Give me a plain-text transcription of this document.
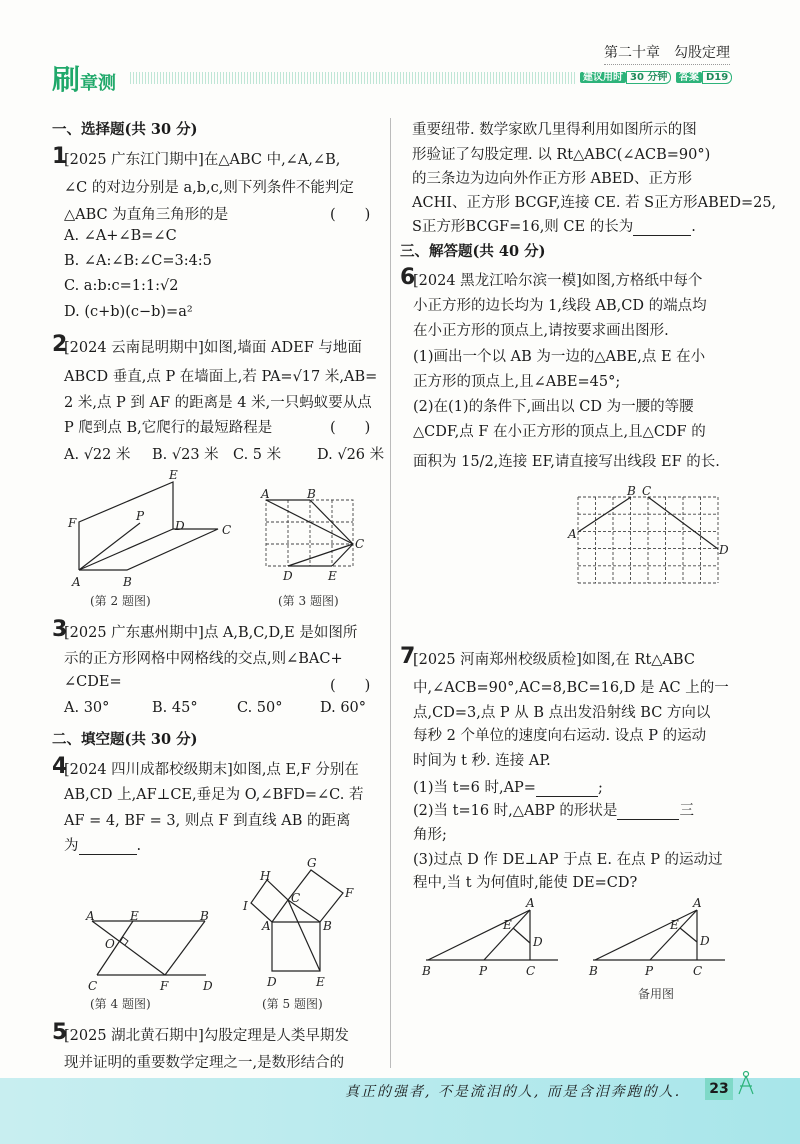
第二十章　勾股定理
刷章测	建议用时 30 分钟	答案 D19
一、选择题(共 30 分)
1
[2025 广东江门期中]在△ABC 中,∠A,∠B,
∠C 的对边分别是 a,b,c,则下列条件不能判定
△ABC 为直角三角形的是	(　　)
A. ∠A+∠B=∠C
B. ∠A:∠B:∠C=3:4:5
C. a:b:c=1:1:√2
D. (c+b)(c−b)=a²
2
[2024 云南昆明期中]如图,墙面 ADEF 与地面
ABCD 垂直,点 P 在墙面上,若 PA=√17 米,AB=
2 米,点 P 到 AF 的距离是 4 米,一只蚂蚁要从点
P 爬到点 B,它爬行的最短路程是	(　　)
A. √22 米 B. √23 米 C. 5 米 D. √26 米
E
F	P
D	C
A	B
A	B
C
D	E
A	E	B
O
C	F	D
G
H
I
C	F
A	B
D	E
A
B C
D
A
E
D
B	P	C
A
E
D
B	P	C
(第 2 题图)	(第 3 题图)
3
[2025 广东惠州期中]点 A,B,C,D,E 是如图所
示的正方形网格中网格线的交点,则∠BAC+
∠CDE=	(　　)
A. 30°	B. 45°	C. 50°	D. 60°
二、填空题(共 30 分)
4
[2024 四川成都校级期末]如图,点 E,F 分别在
AB,CD 上,AF⊥CE,垂足为 O,∠BFD=∠C. 若
AF = 4, BF = 3, 则点 F 到直线 AB 的距离
为	.
(第 4 题图)	(第 5 题图)
5
[2025 湖北黄石期中]勾股定理是人类早期发
现并证明的重要数学定理之一,是数形结合的
重要纽带. 数学家欧几里得利用如图所示的图
形验证了勾股定理. 以 Rt△ABC(∠ACB=90°)
的三条边为边向外作正方形 ABED、正方形
ACHI、正方形 BCGF,连接 CE. 若 S正方形ABED=25,
S正方形BCGF=16,则 CE 的长为	.
三、解答题(共 40 分)
6
[2024 黑龙江哈尔滨一模]如图,方格纸中每个
小正方形的边长均为 1,线段 AB,CD 的端点均
在小正方形的顶点上,请按要求画出图形.
(1)画出一个以 AB 为一边的△ABE,点 E 在小
正方形的顶点上,且∠ABE=45°;
(2)在(1)的条件下,画出以 CD 为一腰的等腰
△CDF,点 F 在小正方形的顶点上,且△CDF 的
面积为 15/2,连接 EF,请直接写出线段 EF 的长.
7
[2025 河南郑州校级质检]如图,在 Rt△ABC
中,∠ACB=90°,AC=8,BC=16,D 是 AC 上的一
点,CD=3,点 P 从 B 点出发沿射线 BC 方向以
每秒 2 个单位的速度向右运动. 设点 P 的运动
时间为 t 秒. 连接 AP.
(1)当 t=6 时,AP=	;
(2)当 t=16 时,△ABP 的形状是	三
角形;
(3)过点 D 作 DE⊥AP 于点 E. 在点 P 的运动过
程中,当 t 为何值时,能使 DE=CD?
备用图
真正的强者, 不是流泪的人, 而是含泪奔跑的人.	23
